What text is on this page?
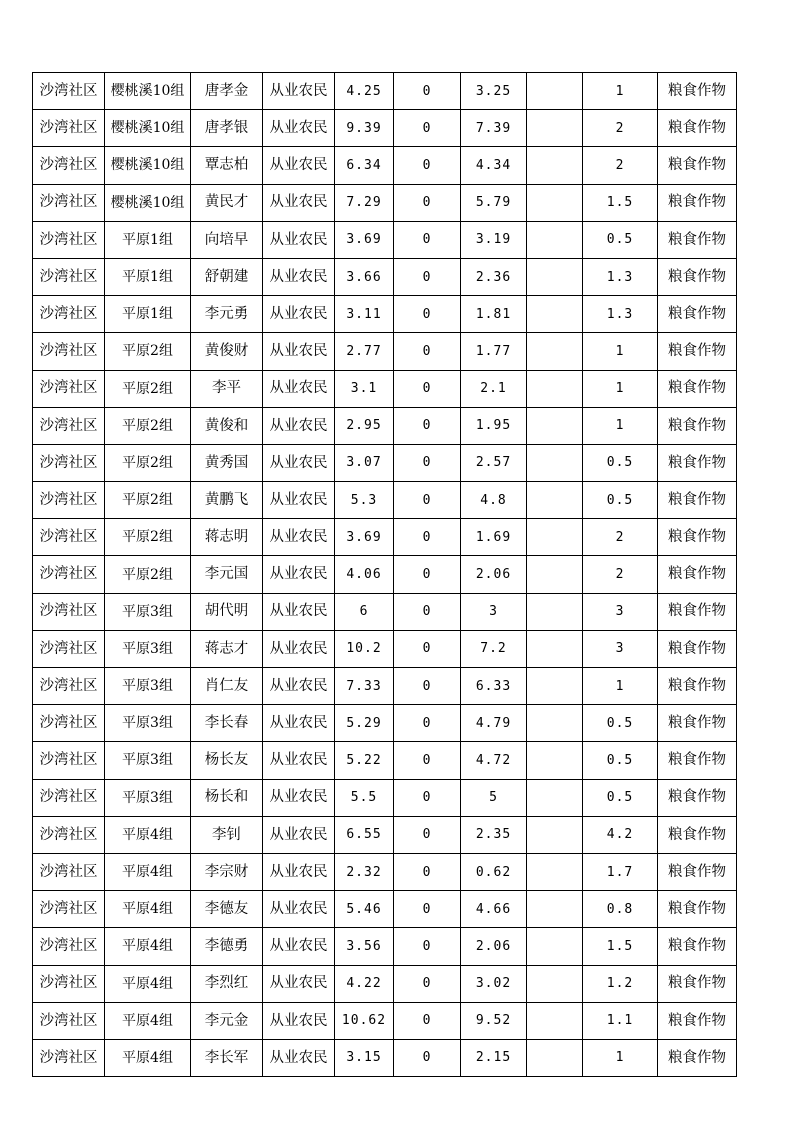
沙湾社区	樱桃溪10组	唐孝金	从业农民	4.25	0	3.25		1	粮食作物
沙湾社区	樱桃溪10组	唐孝银	从业农民	9.39	0	7.39		2	粮食作物
沙湾社区	樱桃溪10组	覃志柏	从业农民	6.34	0	4.34		2	粮食作物
沙湾社区	樱桃溪10组	黄民才	从业农民	7.29	0	5.79		1.5	粮食作物
沙湾社区	平原1组	向培早	从业农民	3.69	0	3.19		0.5	粮食作物
沙湾社区	平原1组	舒朝建	从业农民	3.66	0	2.36		1.3	粮食作物
沙湾社区	平原1组	李元勇	从业农民	3.11	0	1.81		1.3	粮食作物
沙湾社区	平原2组	黄俊财	从业农民	2.77	0	1.77		1	粮食作物
沙湾社区	平原2组	李平	从业农民	3.1	0	2.1		1	粮食作物
沙湾社区	平原2组	黄俊和	从业农民	2.95	0	1.95		1	粮食作物
沙湾社区	平原2组	黄秀国	从业农民	3.07	0	2.57		0.5	粮食作物
沙湾社区	平原2组	黄鹏飞	从业农民	5.3	0	4.8		0.5	粮食作物
沙湾社区	平原2组	蒋志明	从业农民	3.69	0	1.69		2	粮食作物
沙湾社区	平原2组	李元国	从业农民	4.06	0	2.06		2	粮食作物
沙湾社区	平原3组	胡代明	从业农民	6	0	3		3	粮食作物
沙湾社区	平原3组	蒋志才	从业农民	10.2	0	7.2		3	粮食作物
沙湾社区	平原3组	肖仁友	从业农民	7.33	0	6.33		1	粮食作物
沙湾社区	平原3组	李长春	从业农民	5.29	0	4.79		0.5	粮食作物
沙湾社区	平原3组	杨长友	从业农民	5.22	0	4.72		0.5	粮食作物
沙湾社区	平原3组	杨长和	从业农民	5.5	0	5		0.5	粮食作物
沙湾社区	平原4组	李钊	从业农民	6.55	0	2.35		4.2	粮食作物
沙湾社区	平原4组	李宗财	从业农民	2.32	0	0.62		1.7	粮食作物
沙湾社区	平原4组	李德友	从业农民	5.46	0	4.66		0.8	粮食作物
沙湾社区	平原4组	李德勇	从业农民	3.56	0	2.06		1.5	粮食作物
沙湾社区	平原4组	李烈红	从业农民	4.22	0	3.02		1.2	粮食作物
沙湾社区	平原4组	李元金	从业农民	10.62	0	9.52		1.1	粮食作物
沙湾社区	平原4组	李长军	从业农民	3.15	0	2.15		1	粮食作物
